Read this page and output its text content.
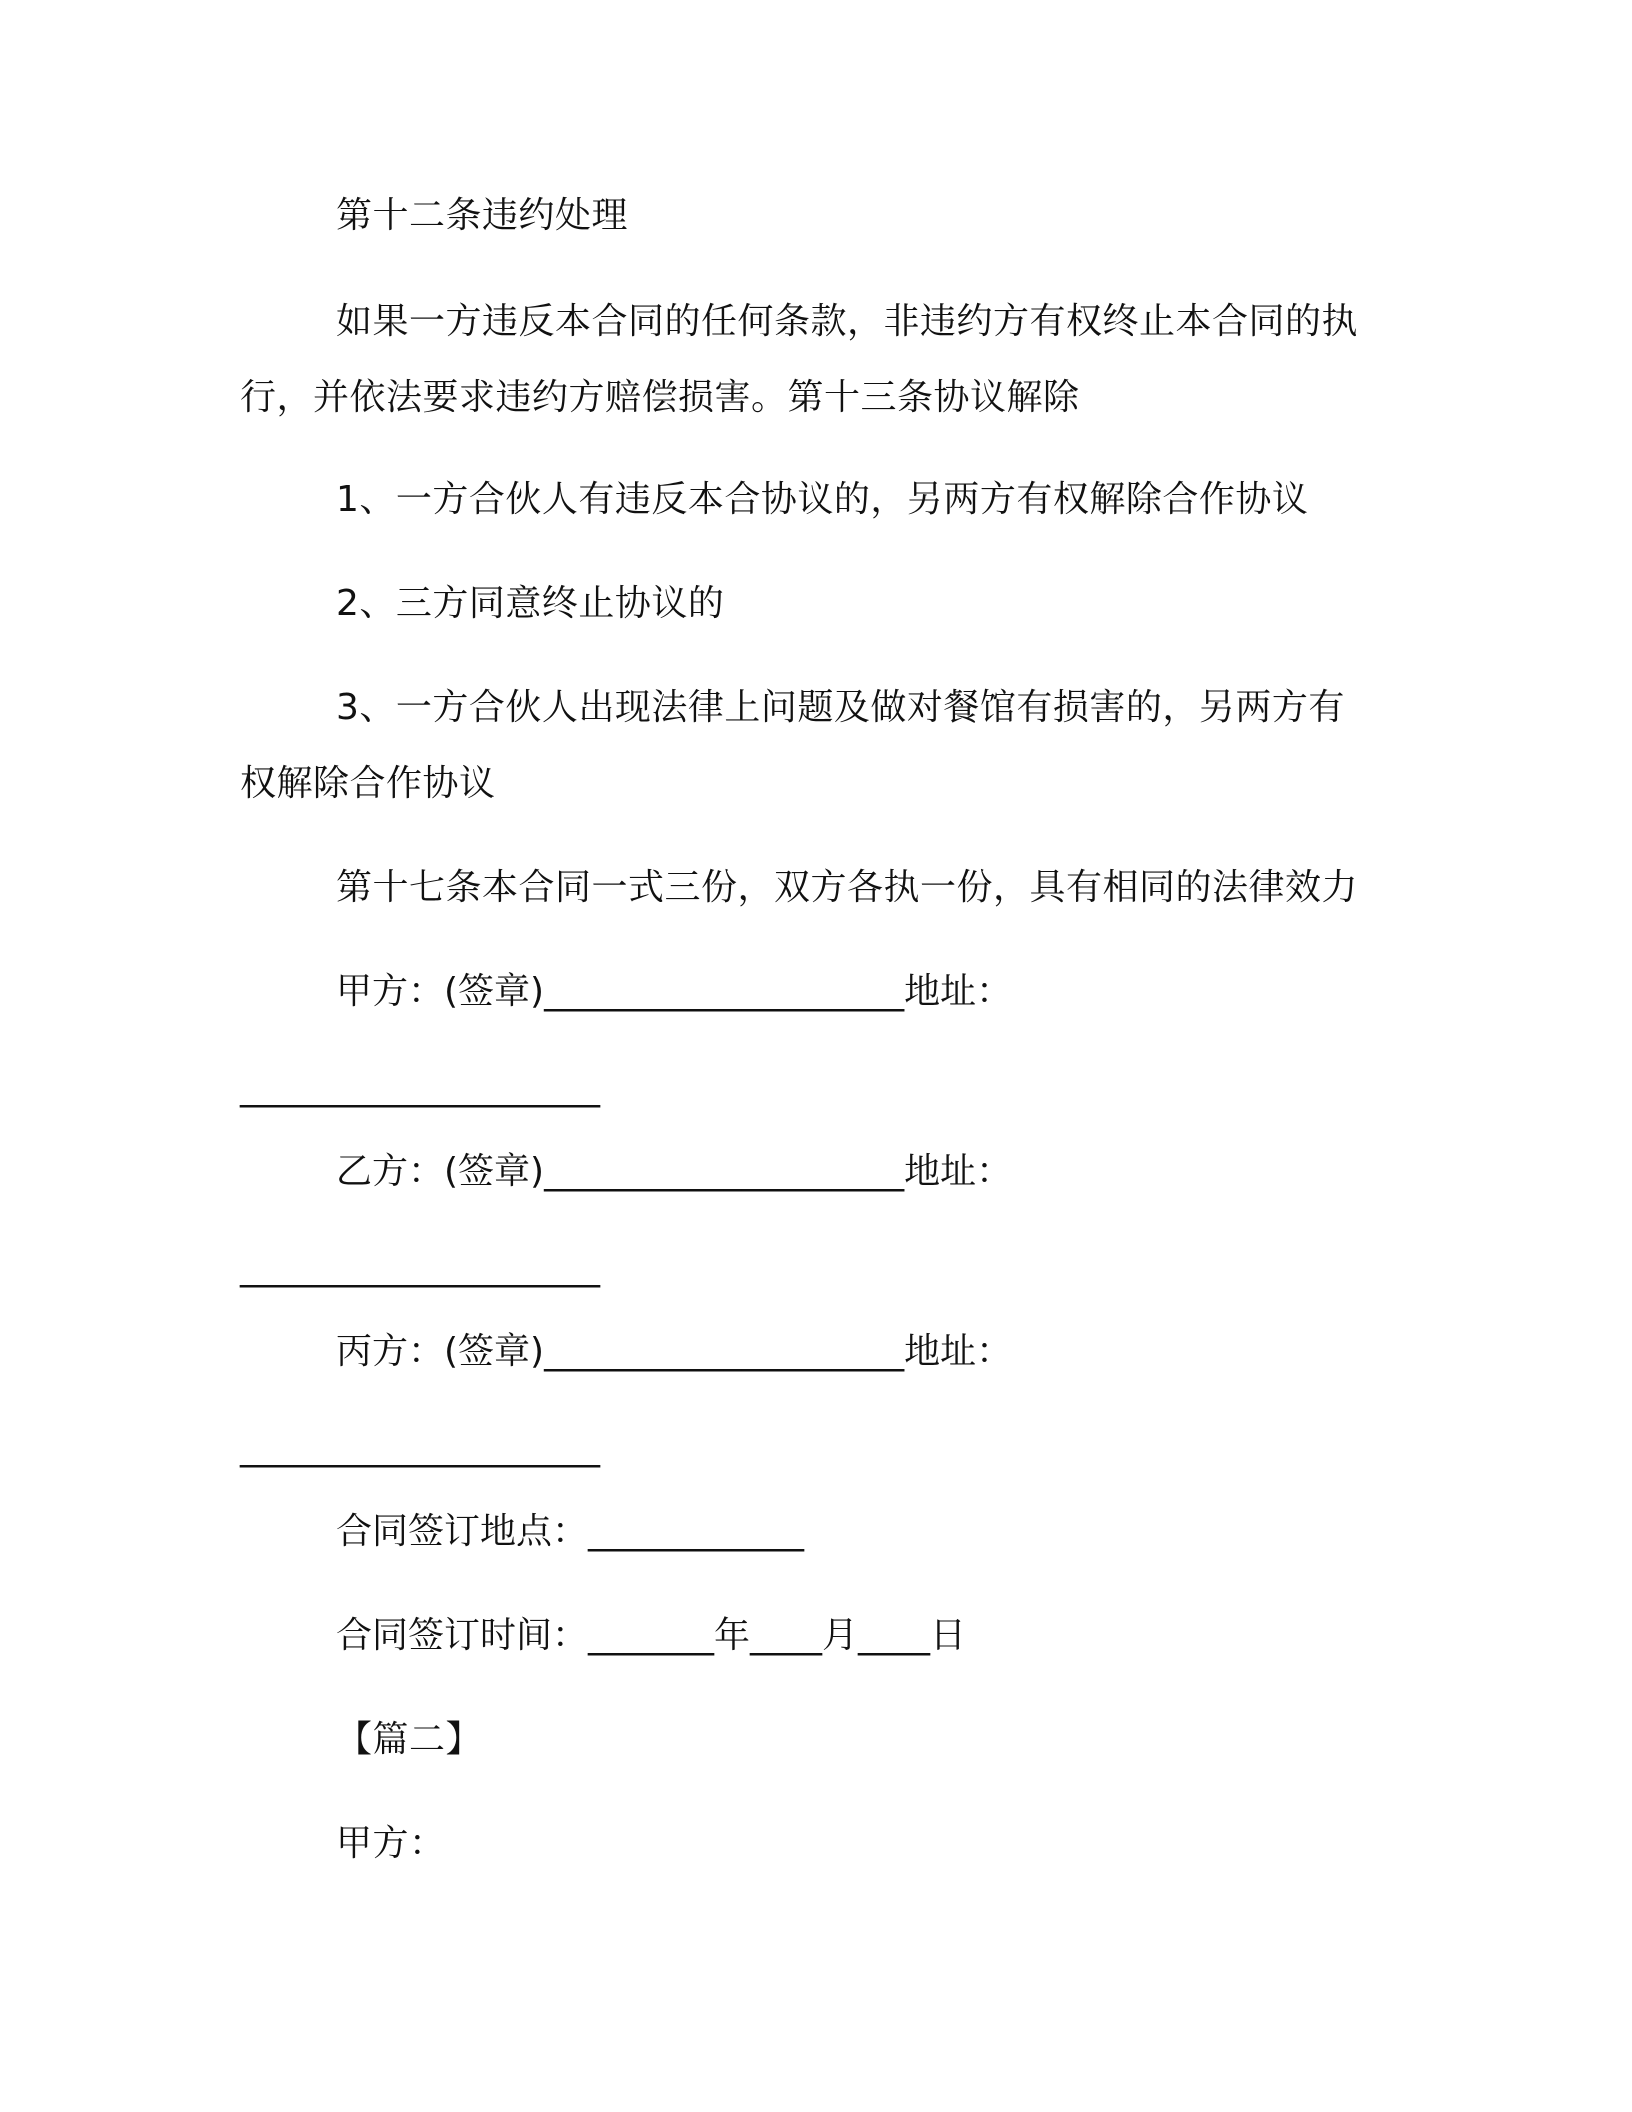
第十二条违约处理
如果一方违反本合同的任何条款，非违约方有权终止本合同的执
行，并依法要求违约方赔偿损害。第十三条协议解除
1、一方合伙人有违反本合协议的，另两方有权解除合作协议
2、三方同意终止协议的
3、一方合伙人出现法律上问题及做对餐馆有损害的，另两方有
权解除合作协议
第十七条本合同一式三份，双方各执一份，具有相同的法律效力
甲方：(签章)____________________地址：
____________________
乙方：(签章)____________________地址：
____________________
丙方：(签章)____________________地址：
____________________
合同签订地点：____________
合同签订时间：_______年____月____日
【篇二】
甲方：
